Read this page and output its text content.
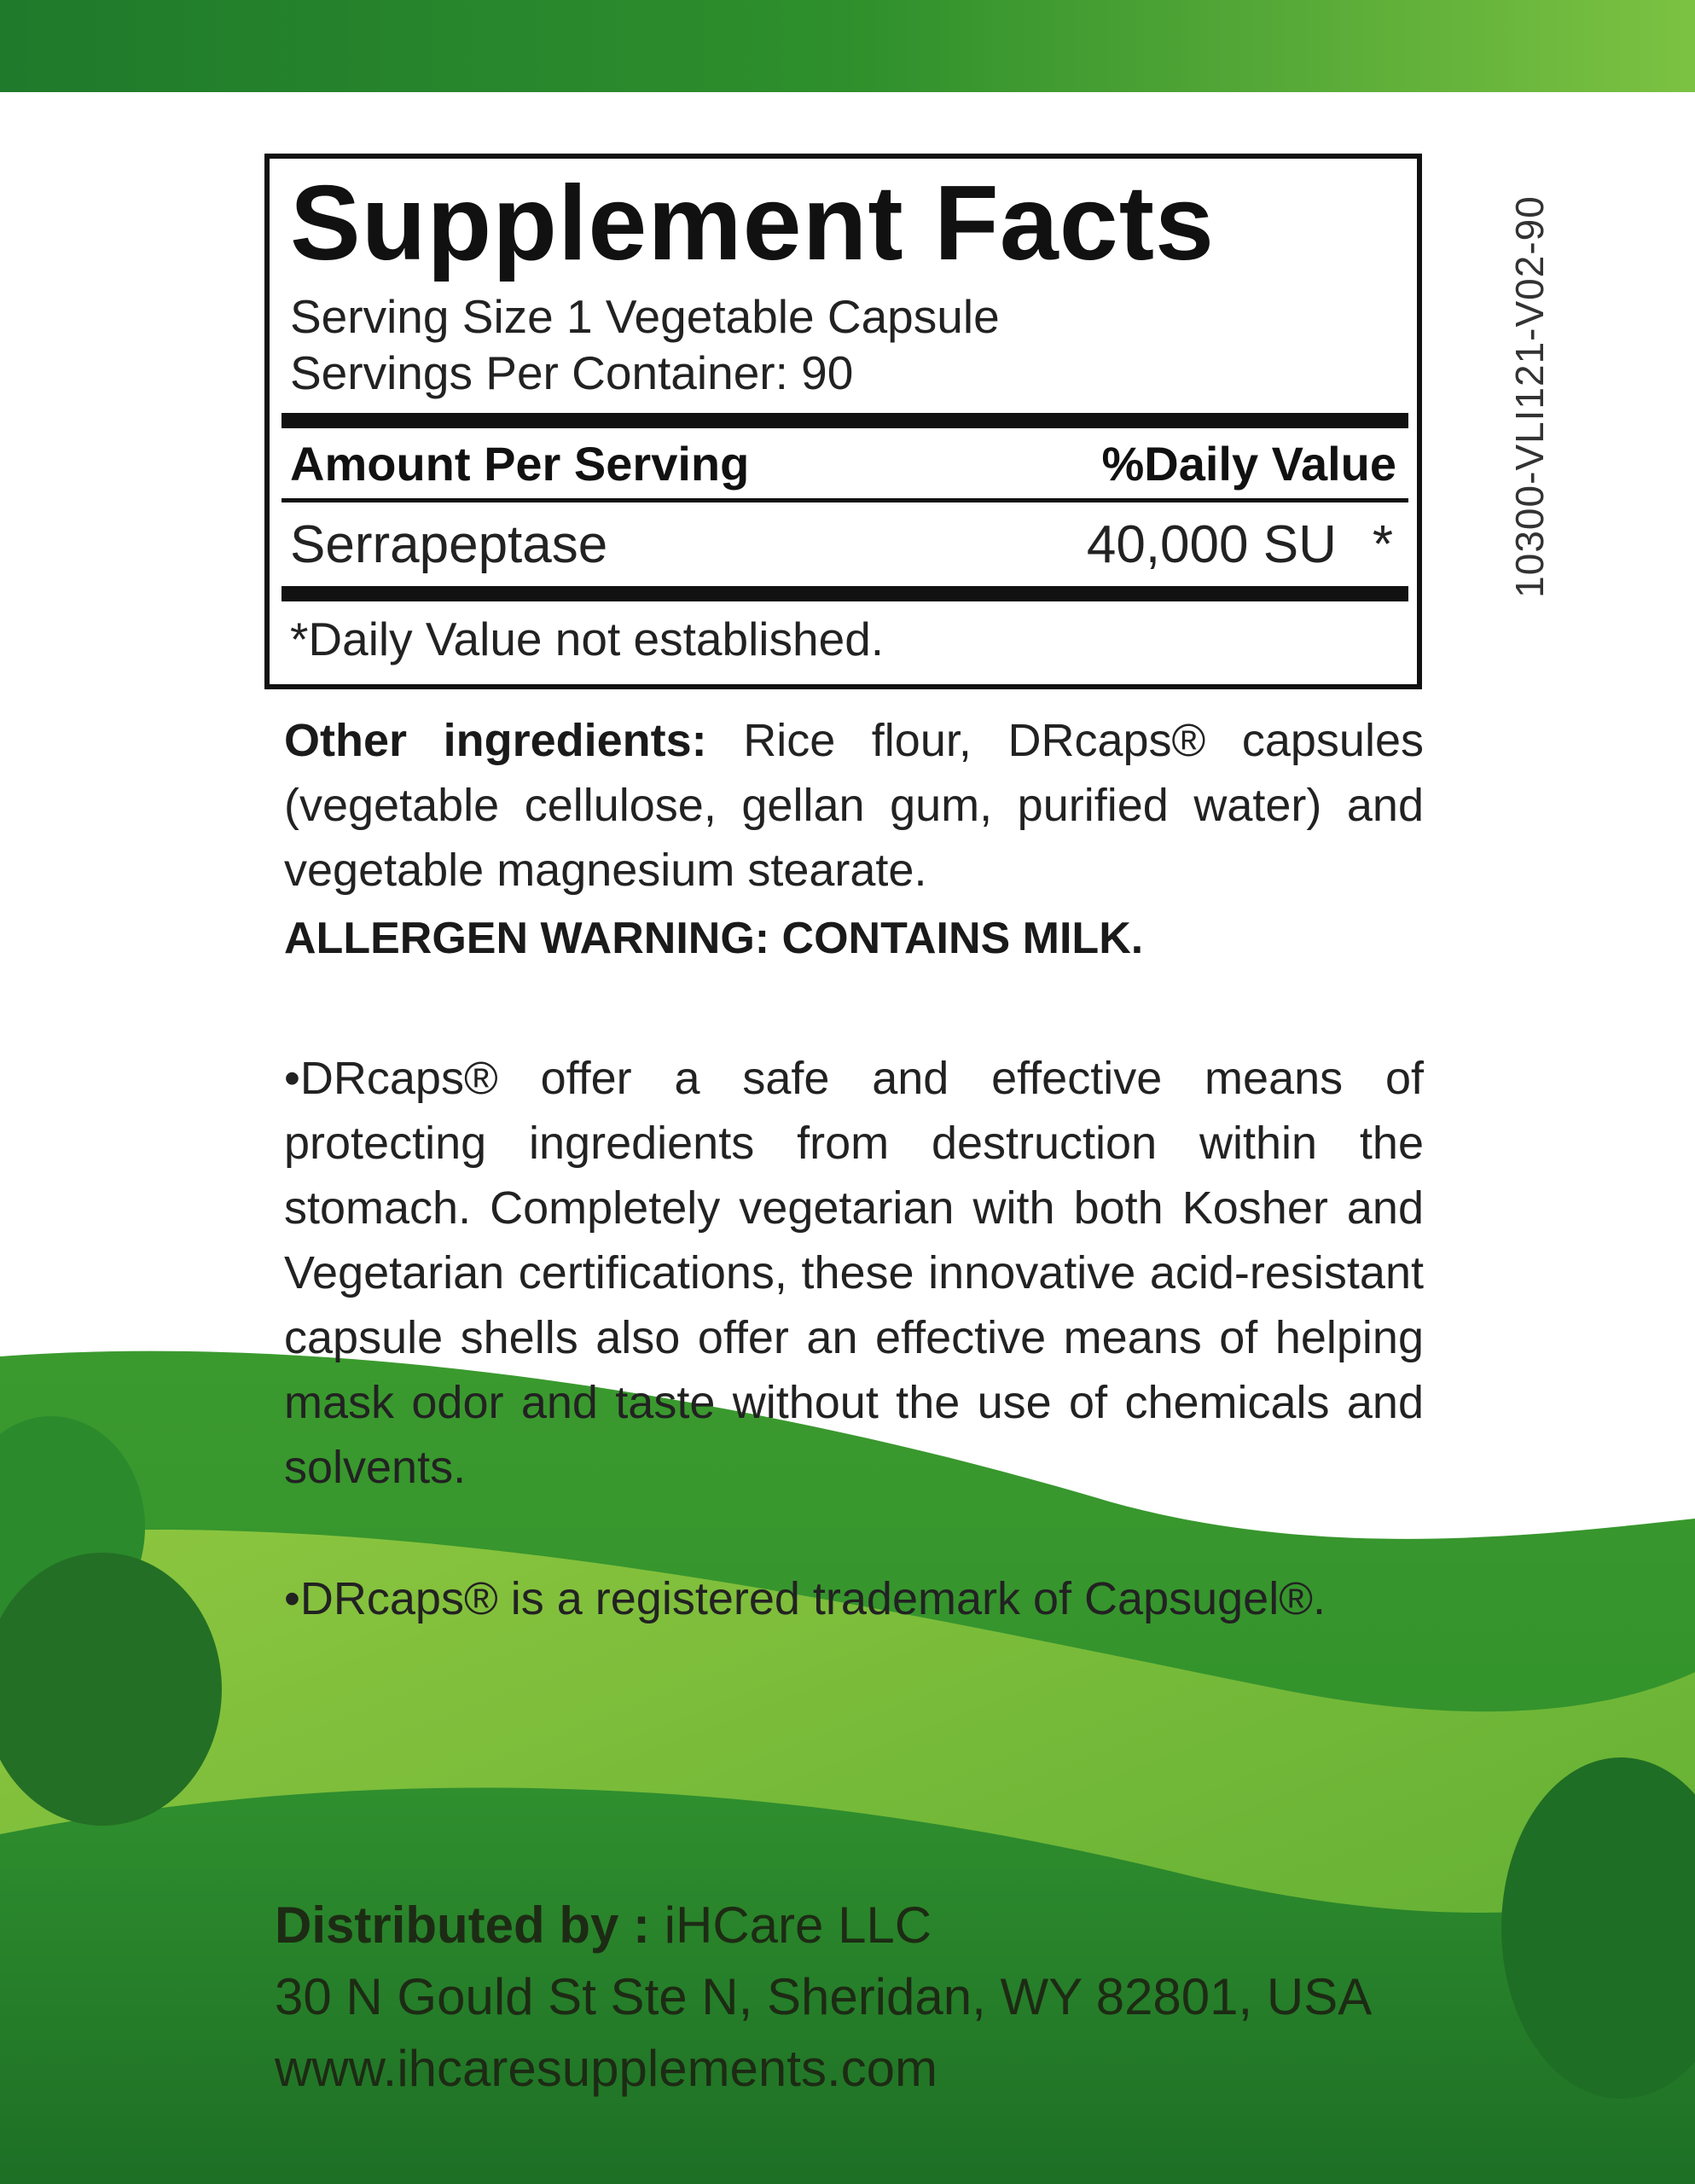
Supplement Facts
Serving Size 1 Vegetable Capsule
Servings Per Container: 90
Amount Per Serving	%Daily Value
Serrapeptase	40,000 SU *
*Daily Value not established.
10300-VLI121-V02-90
Other ingredients: Rice flour, DRcaps® capsules (vegetable cellulose, gellan gum, purified water) and vegetable magnesium stearate.
ALLERGEN WARNING: CONTAINS MILK.
•DRcaps® offer a safe and effective means of protecting ingredients from destruction within the stomach. Completely vegetarian with both Kosher and Vegetarian certifications, these innovative acid-resistant capsule shells also offer an effective means of helping mask odor and taste without the use of chemicals and solvents.
•DRcaps® is a registered trademark of Capsugel®.
Distributed by : iHCare LLC
30 N Gould St Ste N, Sheridan, WY 82801, USA
www.ihcaresupplements.com
